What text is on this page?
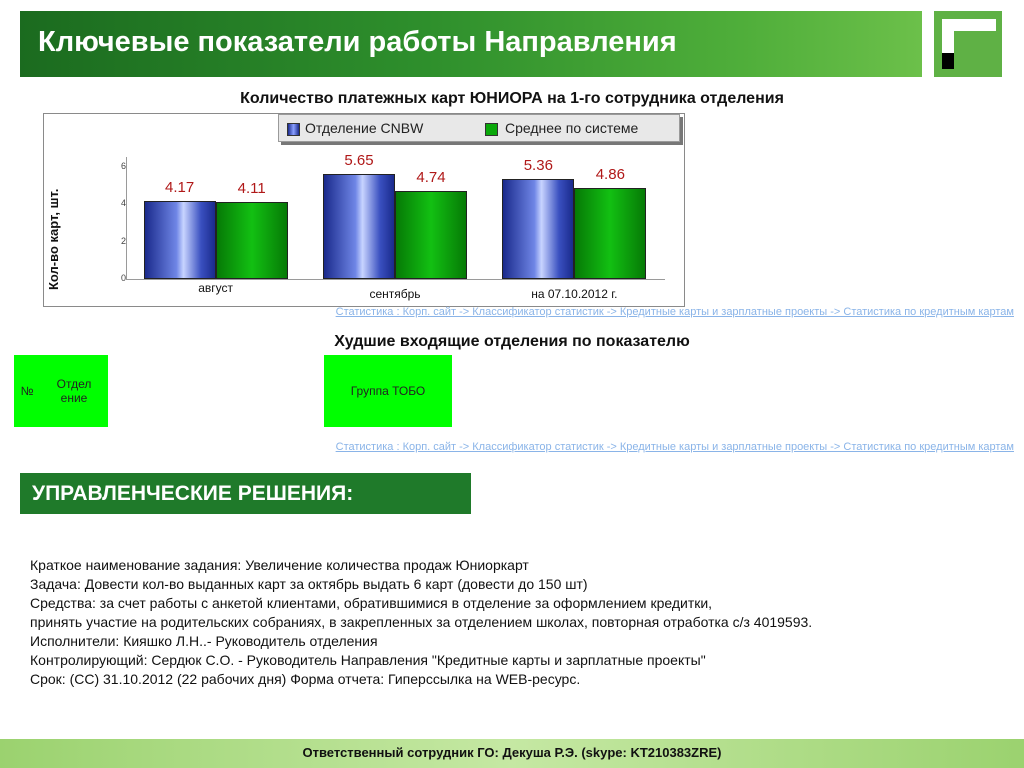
Ключевые показатели работы Направления
Количество платежных карт ЮНИОРА на 1-го сотрудника отделения
Отделение CNBW	Среднее по системе
Кол-во карт, шт.	0
2
4
6
4.17	4.11
август
5.65
4.74
сентябрь
5.36
4.86
на 07.10.2012 г.
Статистика : Корп. сайт -> Классификатор статистик -> Кредитные карты и зарплатные проекты -> Статистика по кредитным картам
Худшие входящие отделения по показателю
№	Отдел ение	Группа ТОБО
Статистика : Корп. сайт -> Классификатор статистик -> Кредитные карты и зарплатные проекты -> Статистика по кредитным картам
УПРАВЛЕНЧЕСКИЕ РЕШЕНИЯ:
Краткое наименование задания: Увеличение количества продаж Юниоркарт
Задача: Довести кол-во выданных карт за октябрь выдать 6 карт (довести до 150 шт)
Средства: за счет работы с анкетой клиентами, обратившимися в отделение за оформлением кредитки,
принять участие на родительских собраниях, в закрепленных за отделением школах, повторная отработка с/з 4019593.
Исполнители: Кияшко Л.Н..- Руководитель отделения
Контролирующий: Сердюк С.О. - Руководитель Направления "Кредитные карты и зарплатные проекты"
Срок: (СС) 31.10.2012 (22 рабочих дня) Форма отчета: Гиперссылка на WEB-ресурс.
Ответственный сотрудник ГО: Декуша Р.Э. (skype: KT210383ZRE)
